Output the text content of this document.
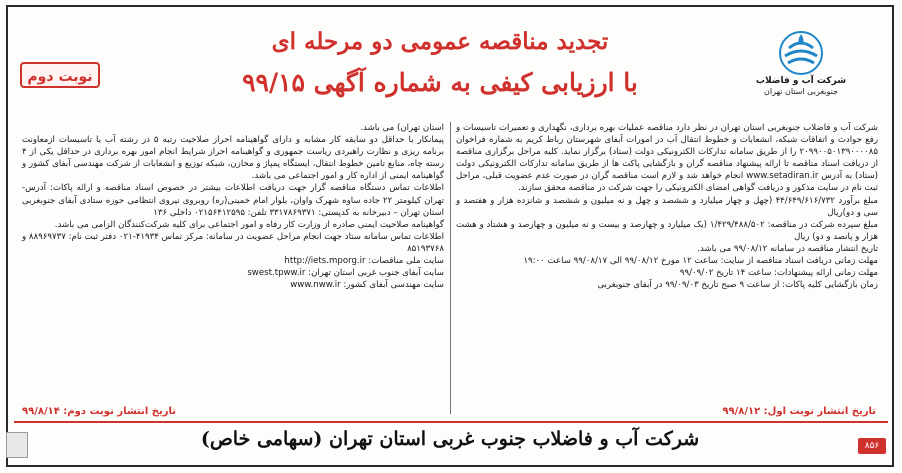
شرکت آب و فاضلاب
جنوبغربی استان تهران
تجدید مناقصه عمومی دو مرحله ای
با ارزیابی کیفی به شماره آگهی ۹۹/۱۵
نوبت دوم

شرکت آب و فاضلاب جنوبغربی استان تهران در نظر دارد مناقصه عملیات بهره برداری، نگهداری و تعمیرات تاسیسات و رفع حوادث و اتفاقات شبکه، انشعابات و خطوط انتقال آب در امورات آبفای شهرستان رباط کریم به شماره فراخوان ۲۰۹۹۰۰۵۰۱۳۹۰۰۰۰۸۵ را از طریق سامانه تدارکات الکترونیکی دولت (ستاد) برگزار نماید. کلیه مراحل برگزاری مناقصه از دریافت اسناد مناقصه تا ارائه پیشنهاد مناقصه گران و بازگشایی پاکت ها از طریق سامانه تدارکات الکترونیکی دولت (ستاد) به آدرس www.setadiran.ir انجام خواهد شد و لازم است مناقصه گران در صورت عدم عضویت قبلی، مراحل ثبت نام در سایت مذکور و دریافت گواهی امضای الکترونیکی را جهت شرکت در مناقصه محقق سازند.

مبلغ برآورد ۴۴/۶۴۹/۶۱۶/۷۳۲ (چهل و چهار میلیارد و ششصد و چهل و نه میلیون و ششصد و شانزده هزار و هفتصد و سی و دو)ریال

مبلغ سپرده شرکت در مناقصه: ۱/۴۲۹/۴۸۸/۵۰۲ (یک میلیارد و چهارصد و بیست و نه میلیون و چهارصد و هشتاد و هشت هزار و پانصد و دو) ریال

تاریخ انتشار مناقصه در سامانه ۹۹/۰۸/۱۲ می باشد.

مهلت زمانی دریافت اسناد مناقصه از سایت: ساعت ۱۲ مورخ ۹۹/۰۸/۱۲ الی ۹۹/۰۸/۱۷ ساعت ۱۹:۰۰

مهلت زمانی ارائه پیشنهادات: ساعت ۱۴ تاریخ ۹۹/۰۹/۰۲

زمان بازگشایی کلیه پاکات: از ساعت ۹ صبح تاریخ ۹۹/۰۹/۰۳ در آبفای جنوبغربی

استان تهران) می باشد.

پیمانکار با حداقل دو سابقه کار مشابه و دارای گواهینامه احراز صلاحیت رتبه ۵ در رشته آب یا تاسیسات ازمعاونت برنامه ریزی و نظارت راهبردی ریاست جمهوری و گواهینامه احراز شرایط انجام امور بهره برداری در حداقل یکی از ۴ رسته چاه، منابع تامین خطوط انتقال، ایستگاه پمپاژ و مخازن، شبکه توزیع و انشعابات از شرکت مهندسی آبفای کشور و گواهینامه ایمنی از اداره کار و امور اجتماعی می باشد.

اطلاعات تماس دستگاه مناقصه گزار جهت دریافت اطلاعات بیشتر در خصوص اسناد مناقصه و ارائه پاکات: آدرس- تهران کیلومتر ۲۲ جاده ساوه شهرک واوان، بلوار امام خمینی(ره) روبروی نیروی انتظامی حوزه ستادی آبفای جنوبغربی استان تهران – دبیرخانه به کدپستی: ۳۳۱۷۸۶۹۳۷۱ تلفن: ۰۲۱۵۶۴۱۲۵۹۵ داخلی ۱۳۶

گواهینامه صلاحیت ایمنی صادره از وزارت کار رفاه و امور اجتماعی برای کلیه شرکت‌کنندگان الزامی می باشد.

اطلاعات تماس سامانه ستاد جهت انجام مراحل عضویت در سامانه: مرکز تماس ۴۱۹۳۴-۰۲۱ دفتر ثبت نام: ۸۸۹۶۹۷۳۷ و ۸۵۱۹۳۷۶۸

سایت ملی مناقصات: http://iets.mporg.ir

سایت آبفای جنوب غربی استان تهران: swest.tpww.ir

سایت مهندسی آبفای کشور: www.nww.ir

تاریخ انتشار نوبت اول: ۹۹/۸/۱۲
تاریخ انتشار نوبت دوم: ۹۹/۸/۱۴
شرکت آب و فاضلاب جنوب غربی استان تهران (سهامی خاص)	۸۵۶
